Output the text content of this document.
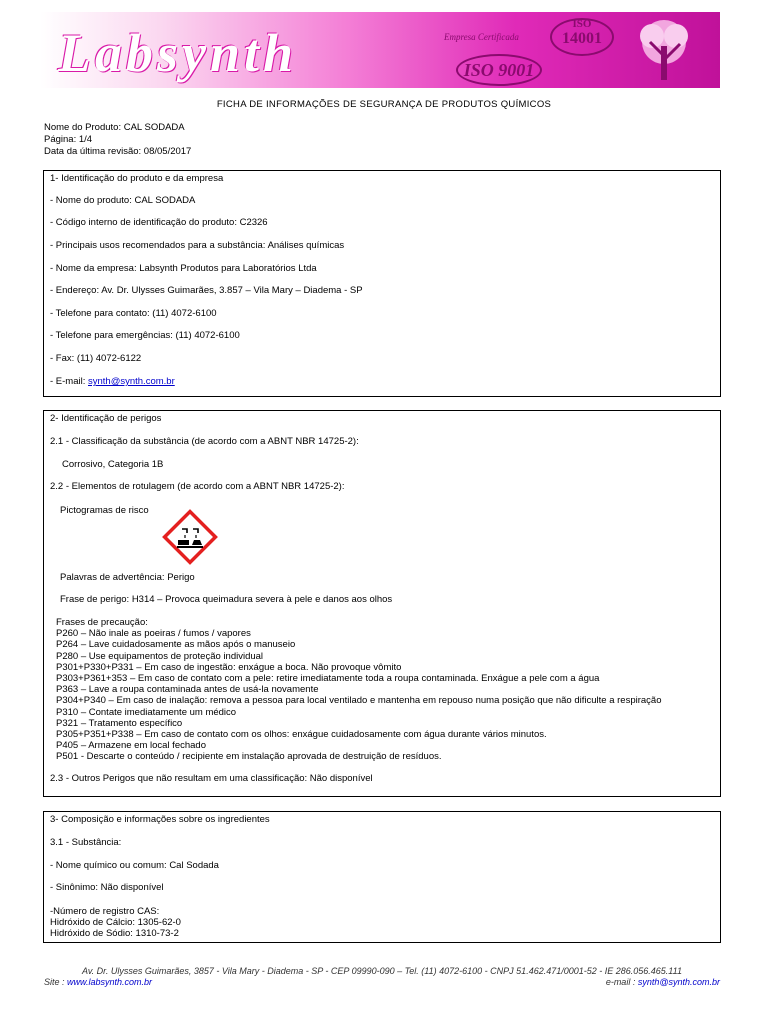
Labsynth	Empresa Certificada
ISO 9001
ISO
14001
FICHA DE INFORMAÇÕES DE SEGURANÇA DE PRODUTOS QUÍMICOS
Nome do Produto: CAL SODADA
Página: 1/4
Data da última revisão: 08/05/2017
1- Identificação do produto e da empresa
- Nome do produto: CAL SODADA
- Código interno de identificação do produto: C2326
- Principais usos recomendados para a substância: Análises químicas
- Nome da empresa: Labsynth Produtos para Laboratórios Ltda
- Endereço: Av. Dr. Ulysses Guimarães, 3.857 – Vila Mary – Diadema - SP
- Telefone para contato: (11) 4072-6100
- Telefone para emergências: (11) 4072-6100
- Fax: (11) 4072-6122
- E-mail: synth@synth.com.br
2- Identificação de perigos
2.1 - Classificação da substância (de acordo com a ABNT NBR 14725-2):
Corrosivo, Categoria 1B
2.2 - Elementos de rotulagem (de acordo com a ABNT NBR 14725-2):
Pictogramas de risco
Palavras de advertência: Perigo
Frase de perigo: H314 – Provoca queimadura severa à pele e danos aos olhos
Frases de precaução:
P260 – Não inale as poeiras / fumos / vapores
P264 – Lave cuidadosamente as mãos após o manuseio
P280 – Use equipamentos de proteção individual
P301+P330+P331 – Em caso de ingestão: enxágue a boca. Não provoque vômito
P303+P361+353 – Em caso de contato com a pele: retire imediatamente toda a roupa contaminada. Enxágue a pele com a água
P363 – Lave a roupa contaminada antes de usá-la novamente
P304+P340 – Em caso de inalação: remova a pessoa para local ventilado e mantenha em repouso numa posição que não dificulte a respiração
P310 – Contate imediatamente um médico
P321 – Tratamento específico
P305+P351+P338 – Em caso de contato com os olhos: enxágue cuidadosamente com água durante vários minutos.
P405 – Armazene em local fechado
P501 - Descarte o conteúdo / recipiente em instalação aprovada de destruição de resíduos.
2.3 - Outros Perigos que não resultam em uma classificação: Não disponível
3- Composição e informações sobre os ingredientes
3.1 - Substância:
- Nome químico ou comum: Cal Sodada
- Sinônimo: Não disponível
-Número de registro CAS:
Hidróxido de Cálcio: 1305-62-0
Hidróxido de Sódio: 1310-73-2
Av. Dr. Ulysses Guimarães, 3857 - Vila Mary - Diadema - SP - CEP 09990-090 – Tel. (11) 4072-6100 - CNPJ 51.462.471/0001-52 - IE 286.056.465.111
Site : www.labsynth.com.br	e-mail : synth@synth.com.br
